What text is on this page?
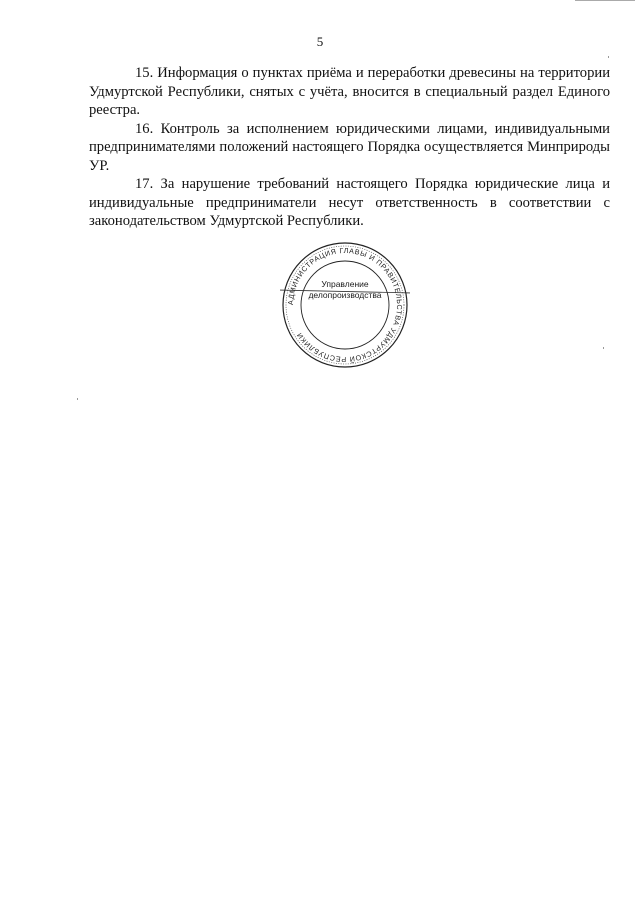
5

15. Информация о пунктах приёма и переработки древесины на территории Удмуртской Республики, снятых с учёта, вносится в специальный раздел Единого реестра.

16. Контроль за исполнением юридическими лицами, индивидуальными предпринимателями положений настоящего Порядка осуществляется Минприроды УР.

17. За нарушение требований настоящего Порядка юридические лица и индивидуальные предприниматели несут ответственность в соответствии с законодательством Удмуртской Республики.

АДМИНИСТРАЦИЯ ГЛАВЫ И ПРАВИТЕЛЬСТВА УДМУРТСКОЙ РЕСПУБЛИКИ
Управление
делопроизводства
